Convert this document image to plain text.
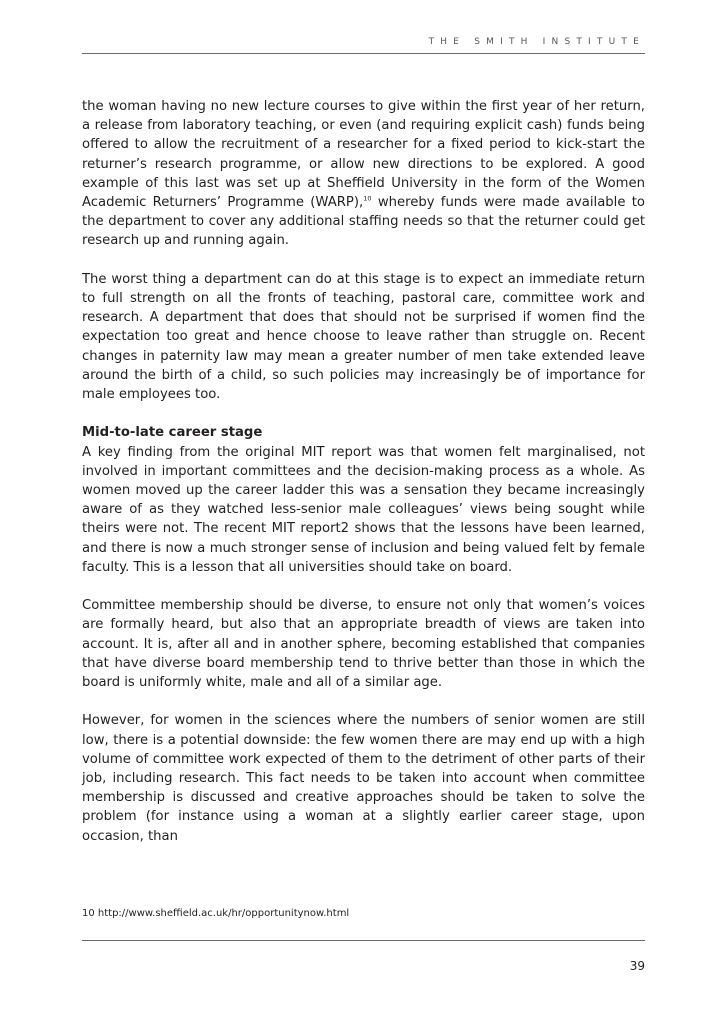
THE SMITH INSTITUTE

the woman having no new lecture courses to give within the first year of her return, a release from laboratory teaching, or even (and requiring explicit cash) funds being offered to allow the recruitment of a researcher for a fixed period to kick-start the returner’s research programme, or allow new directions to be explored. A good example of this last was set up at Sheffield University in the form of the Women Academic Returners’ Programme (WARP),$^{10}$ whereby funds were made available to the department to cover any additional staffing needs so that the returner could get research up and running again.

The worst thing a department can do at this stage is to expect an immediate return to full strength on all the fronts of teaching, pastoral care, committee work and research. A department that does that should not be surprised if women find the expectation too great and hence choose to leave rather than struggle on. Recent changes in paternity law may mean a greater number of men take extended leave around the birth of a child, so such policies may increasingly be of importance for male employees too.

Mid-to-late career stage
A key finding from the original MIT report was that women felt marginalised, not involved in important committees and the decision-making process as a whole. As women moved up the career ladder this was a sensation they became increasingly aware of as they watched less-senior male colleagues’ views being sought while theirs were not. The recent MIT report2 shows that the lessons have been learned, and there is now a much stronger sense of inclusion and being valued felt by female faculty. This is a lesson that all universities should take on board.

Committee membership should be diverse, to ensure not only that women’s voices are formally heard, but also that an appropriate breadth of views are taken into account. It is, after all and in another sphere, becoming established that companies that have diverse board membership tend to thrive better than those in which the board is uniformly white, male and all of a similar age.

However, for women in the sciences where the numbers of senior women are still low, there is a potential downside: the few women there are may end up with a high volume of committee work expected of them to the detriment of other parts of their job, including research. This fact needs to be taken into account when committee membership is discussed and creative approaches should be taken to solve the problem (for instance using a woman at a slightly earlier career stage, upon occasion, than

10 http://www.sheffield.ac.uk/hr/opportunitynow.html
39
